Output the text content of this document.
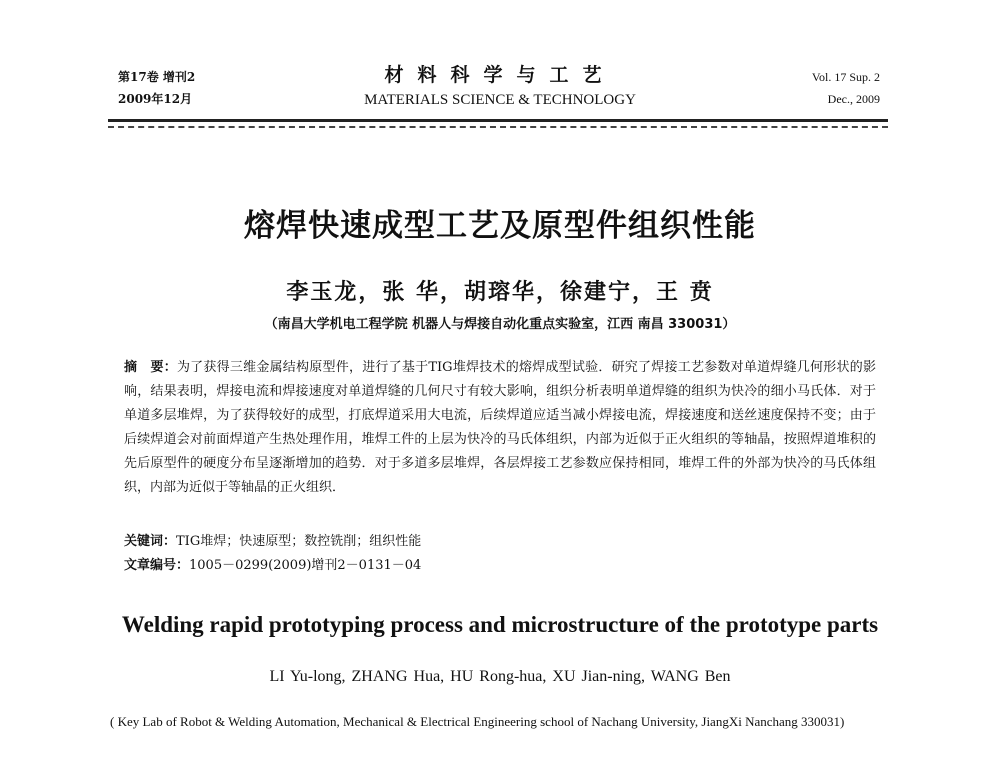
第17卷 增刊2
2009年12月
材料科学与工艺
MATERIALS SCIENCE & TECHNOLOGY
Vol. 17 Sup. 2
Dec., 2009
熔焊快速成型工艺及原型件组织性能
李玉龙，张 华，胡瑢华，徐建宁，王 贲
（南昌大学机电工程学院 机器人与焊接自动化重点实验室，江西 南昌 330031）
摘　要：为了获得三维金属结构原型件，进行了基于TIG堆焊技术的熔焊成型试验．研究了焊接工艺参数对单道焊缝几何形状的影响，结果表明，焊接电流和焊接速度对单道焊缝的几何尺寸有较大影响，组织分析表明单道焊缝的组织为快冷的细小马氏体．对于单道多层堆焊，为了获得较好的成型，打底焊道采用大电流，后续焊道应适当减小焊接电流，焊接速度和送丝速度保持不变；由于后续焊道会对前面焊道产生热处理作用，堆焊工件的上层为快冷的马氏体组织，内部为近似于正火组织的等轴晶，按照焊道堆积的先后原型件的硬度分布呈逐渐增加的趋势．对于多道多层堆焊，各层焊接工艺参数应保持相同，堆焊工件的外部为快冷的马氏体组织，内部为近似于等轴晶的正火组织．
关键词：TIG堆焊；快速原型；数控铣削；组织性能
文章编号：1005－0299(2009)增刊2－0131－04
Welding rapid prototyping process and microstructure of the prototype parts
LI Yu-long, ZHANG Hua, HU Rong-hua, XU Jian-ning, WANG Ben
( Key Lab of Robot & Welding Automation, Mechanical & Electrical Engineering school of Nachang University, JiangXi Nanchang 330031)
